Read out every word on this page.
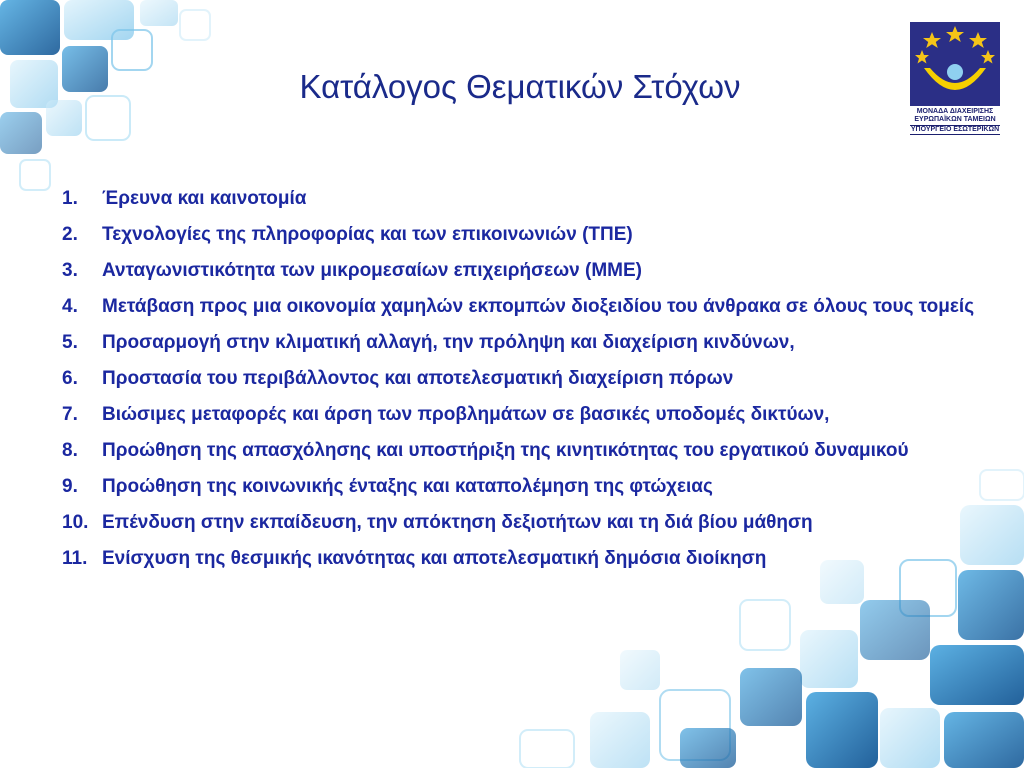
Κατάλογος Θεματικών Στόχων
ΜΟΝΑΔΑ ΔΙΑΧΕΙΡΙΣΗΣ
ΕΥΡΩΠΑΪΚΩΝ ΤΑΜΕΙΩΝ
ΥΠΟΥΡΓΕΙΟ ΕΣΩΤΕΡΙΚΩΝ
1.	Έρευνα και καινοτομία
2.	Τεχνολογίες της πληροφορίας και των επικοινωνιών (ΤΠΕ)
3.	Ανταγωνιστικότητα των μικρομεσαίων επιχειρήσεων (ΜΜΕ)
4.	Μετάβαση προς μια οικονομία χαμηλών εκπομπών διοξειδίου του άνθρακα σε όλους τους τομείς
5.	Προσαρμογή στην κλιματική αλλαγή, την πρόληψη και διαχείριση κινδύνων,
6.	Προστασία του περιβάλλοντος και αποτελεσματική διαχείριση πόρων
7.	Βιώσιμες μεταφορές και άρση των προβλημάτων σε βασικές υποδομές δικτύων,
8.	Προώθηση της απασχόλησης και υποστήριξη της κινητικότητας του εργατικού δυναμικού
9.	Προώθηση της κοινωνικής ένταξης και καταπολέμηση της φτώχειας
10. Επένδυση στην εκπαίδευση, την απόκτηση δεξιοτήτων και τη διά βίου μάθηση
11. Ενίσχυση της θεσμικής ικανότητας και αποτελεσματική δημόσια διοίκηση
